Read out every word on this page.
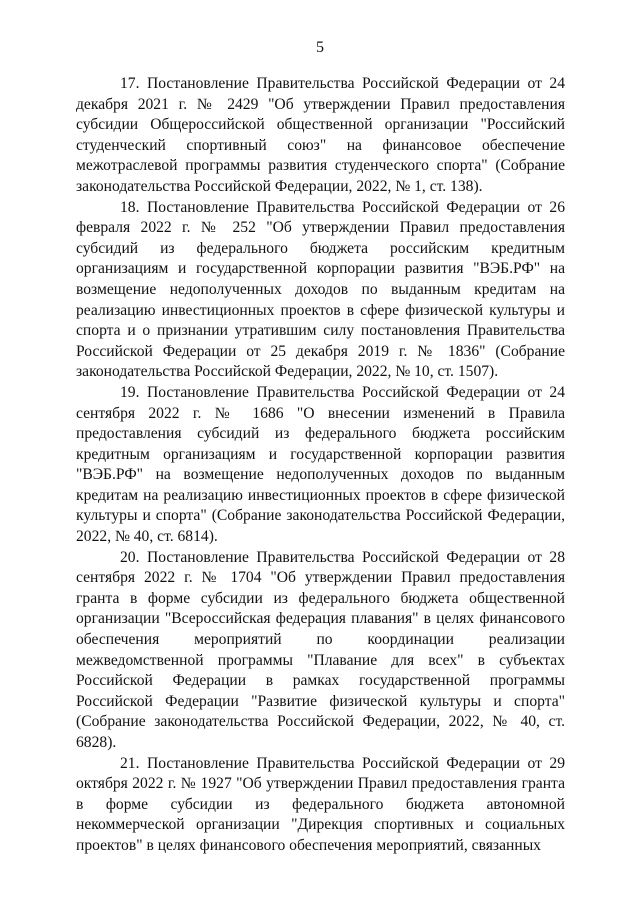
5

17. Постановление Правительства Российской Федерации от 24 декабря 2021 г. № 2429 "Об утверждении Правил предоставления субсидии Общероссийской общественной организации "Российский студенческий спортивный союз" на финансовое обеспечение межотраслевой программы развития студенческого спорта" (Собрание законодательства Российской Федерации, 2022, № 1, ст. 138).

18. Постановление Правительства Российской Федерации от 26 февраля 2022 г. № 252 "Об утверждении Правил предоставления субсидий из федерального бюджета российским кредитным организациям и государственной корпорации развития "ВЭБ.РФ" на возмещение недополученных доходов по выданным кредитам на реализацию инвестиционных проектов в сфере физической культуры и спорта и о признании утратившим силу постановления Правительства Российской Федерации от 25 декабря 2019 г. № 1836" (Собрание законодательства Российской Федерации, 2022, № 10, ст. 1507).

19. Постановление Правительства Российской Федерации от 24 сентября 2022 г. № 1686 "О внесении изменений в Правила предоставления субсидий из федерального бюджета российским кредитным организациям и государственной корпорации развития "ВЭБ.РФ" на возмещение недополученных доходов по выданным кредитам на реализацию инвестиционных проектов в сфере физической культуры и спорта" (Собрание законодательства Российской Федерации, 2022, № 40, ст. 6814).

20. Постановление Правительства Российской Федерации от 28 сентября 2022 г. № 1704 "Об утверждении Правил предоставления гранта в форме субсидии из федерального бюджета общественной организации "Всероссийская федерация плавания" в целях финансового обеспечения мероприятий по координации реализации межведомственной программы "Плавание для всех" в субъектах Российской Федерации в рамках государственной программы Российской Федерации "Развитие физической культуры и спорта" (Собрание законодательства Российской Федерации, 2022, № 40, ст. 6828).

21. Постановление Правительства Российской Федерации от 29 октября 2022 г. № 1927 "Об утверждении Правил предоставления гранта в форме субсидии из федерального бюджета автономной некоммерческой организации "Дирекция спортивных и социальных проектов" в целях финансового обеспечения мероприятий, связанных
